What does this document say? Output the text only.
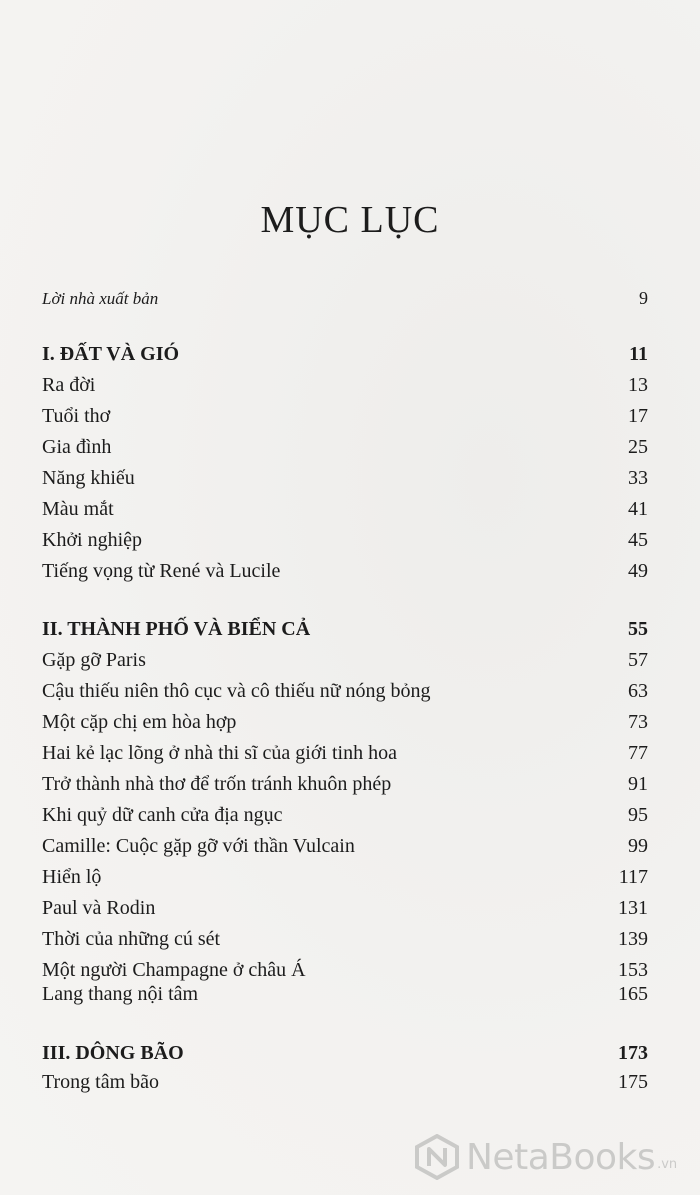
MỤC LỤC
Lời nhà xuất bản	9
I. ĐẤT VÀ GIÓ	11
Ra đời	13
Tuổi thơ	17
Gia đình	25
Năng khiếu	33
Màu mắt	41
Khởi nghiệp	45
Tiếng vọng từ René và Lucile	49
II. THÀNH PHỐ VÀ BIỂN CẢ	55
Gặp gỡ Paris	57
Cậu thiếu niên thô cục và cô thiếu nữ nóng bỏng	63
Một cặp chị em hòa hợp	73
Hai kẻ lạc lõng ở nhà thi sĩ của giới tinh hoa	77
Trở thành nhà thơ để trốn tránh khuôn phép	91
Khi quỷ dữ canh cửa địa ngục	95
Camille: Cuộc gặp gỡ với thần Vulcain	99
Hiển lộ	117
Paul và Rodin	131
Thời của những cú sét	139
Một người Champagne ở châu Á	153
Lang thang nội tâm	165
III. DÔNG BÃO	173
Trong tâm bão	175
NetaBooks .vn
